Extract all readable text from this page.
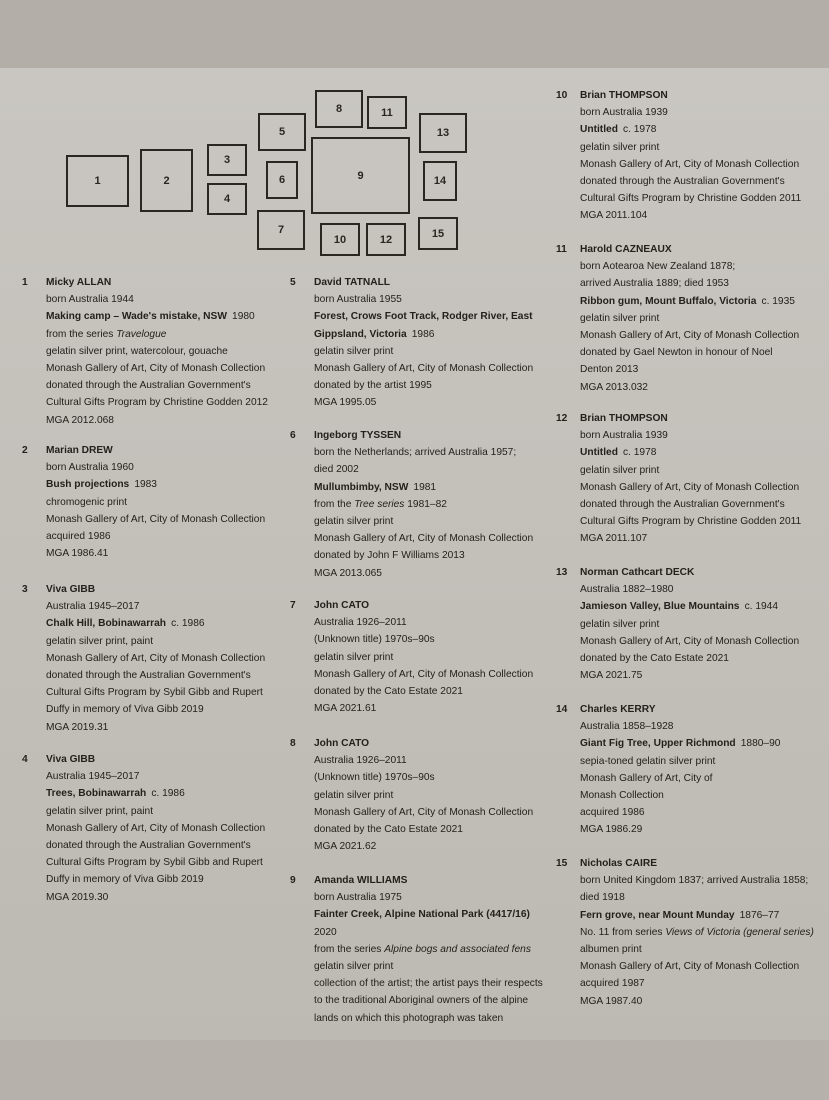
1	2
3
4
5
6
7
8
9
10
11
12
13
14
15
1 Micky ALLAN
born Australia 1944
Making camp – Wade's mistake, NSW  1980
from the series Travelogue
gelatin silver print, watercolour, gouache
Monash Gallery of Art, City of Monash Collection
donated through the Australian Government's
Cultural Gifts Program by Christine Godden 2012
MGA 2012.068
2 Marian DREW
born Australia 1960
Bush projections  1983
chromogenic print
Monash Gallery of Art, City of Monash Collection
acquired 1986
MGA 1986.41
3 Viva GIBB
Australia 1945–2017
Chalk Hill, Bobinawarrah  c. 1986
gelatin silver print, paint
Monash Gallery of Art, City of Monash Collection
donated through the Australian Government's
Cultural Gifts Program by Sybil Gibb and Rupert
Duffy in memory of Viva Gibb 2019
MGA 2019.31
4 Viva GIBB
Australia 1945–2017
Trees, Bobinawarrah  c. 1986
gelatin silver print, paint
Monash Gallery of Art, City of Monash Collection
donated through the Australian Government's
Cultural Gifts Program by Sybil Gibb and Rupert
Duffy in memory of Viva Gibb 2019
MGA 2019.30
5 David TATNALL
born Australia 1955
Forest, Crows Foot Track, Rodger River, East
Gippsland, Victoria  1986
gelatin silver print
Monash Gallery of Art, City of Monash Collection
donated by the artist 1995
MGA 1995.05
6 Ingeborg TYSSEN
born the Netherlands; arrived Australia 1957;
died 2002
Mullumbimby, NSW  1981
from the Tree series 1981–82
gelatin silver print
Monash Gallery of Art, City of Monash Collection
donated by John F Williams 2013
MGA 2013.065
7 John CATO
Australia 1926–2011
(Unknown title) 1970s–90s
gelatin silver print
Monash Gallery of Art, City of Monash Collection
donated by the Cato Estate 2021
MGA 2021.61
8 John CATO
Australia 1926–2011
(Unknown title) 1970s–90s
gelatin silver print
Monash Gallery of Art, City of Monash Collection
donated by the Cato Estate 2021
MGA 2021.62
9 Amanda WILLIAMS
born Australia 1975
Fainter Creek, Alpine National Park (4417/16)
2020
from the series Alpine bogs and associated fens
gelatin silver print
collection of the artist; the artist pays their respects
to the traditional Aboriginal owners of the alpine
lands on which this photograph was taken
10 Brian THOMPSON
born Australia 1939
Untitled  c. 1978
gelatin silver print
Monash Gallery of Art, City of Monash Collection
donated through the Australian Government's
Cultural Gifts Program by Christine Godden 2011
MGA 2011.104
11 Harold CAZNEAUX
born Aotearoa New Zealand 1878;
arrived Australia 1889; died 1953
Ribbon gum, Mount Buffalo, Victoria  c. 1935
gelatin silver print
Monash Gallery of Art, City of Monash Collection
donated by Gael Newton in honour of Noel
Denton 2013
MGA 2013.032
12 Brian THOMPSON
born Australia 1939
Untitled  c. 1978
gelatin silver print
Monash Gallery of Art, City of Monash Collection
donated through the Australian Government's
Cultural Gifts Program by Christine Godden 2011
MGA 2011.107
13 Norman Cathcart DECK
Australia 1882–1980
Jamieson Valley, Blue Mountains  c. 1944
gelatin silver print
Monash Gallery of Art, City of Monash Collection
donated by the Cato Estate 2021
MGA 2021.75
14 Charles KERRY
Australia 1858–1928
Giant Fig Tree, Upper Richmond  1880–90
sepia-toned gelatin silver print
Monash Gallery of Art, City of
Monash Collection
acquired 1986
MGA 1986.29
15 Nicholas CAIRE
born United Kingdom 1837; arrived Australia 1858;
died 1918
Fern grove, near Mount Munday  1876–77
No. 11 from series Views of Victoria (general series)
albumen print
Monash Gallery of Art, City of Monash Collection
acquired 1987
MGA 1987.40
